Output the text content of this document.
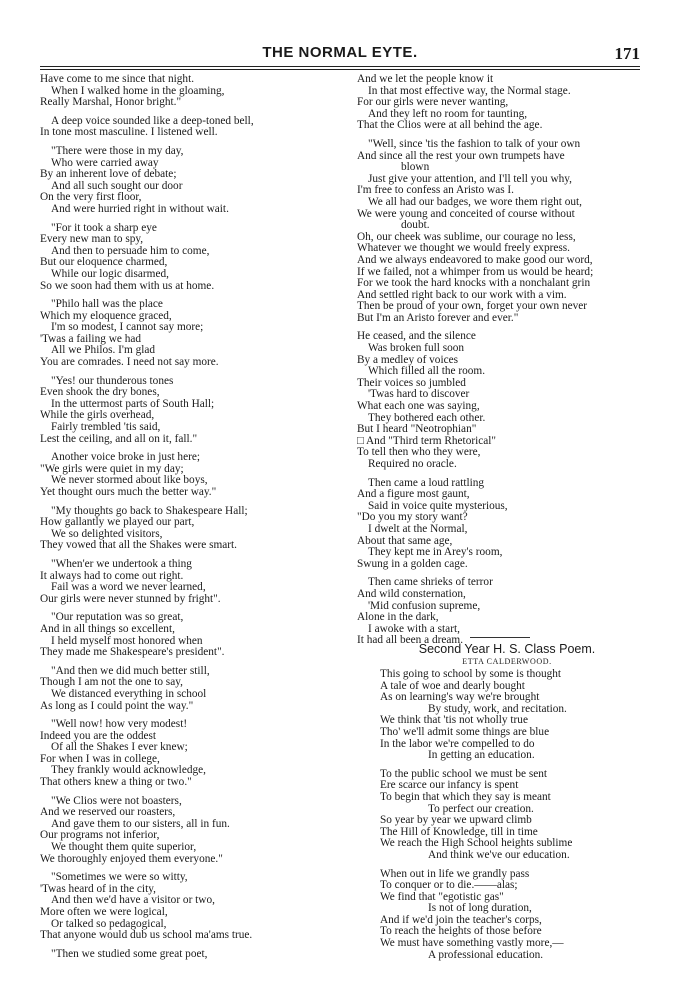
THE NORMAL EYTE.	171
Have come to me since that night.
When I walked home in the gloaming,
Really Marshal, Honor bright."
A deep voice sounded like a deep-toned bell,
In tone most masculine. I listened well.
"There were those in my day,
Who were carried away
By an inherent love of debate;
And all such sought our door
On the very first floor,
And were hurried right in without wait.
"For it took a sharp eye
Every new man to spy,
And then to persuade him to come,
But our eloquence charmed,
While our logic disarmed,
So we soon had them with us at home.
"Philo hall was the place
Which my eloquence graced,
I'm so modest, I cannot say more;
'Twas a failing we had
All we Philos. I'm glad
You are comrades. I need not say more.
"Yes! our thunderous tones
Even shook the dry bones,
In the uttermost parts of South Hall;
While the girls overhead,
Fairly trembled 'tis said,
Lest the ceiling, and all on it, fall."
Another voice broke in just here;
"We girls were quiet in my day;
We never stormed about like boys,
Yet thought ours much the better way."
"My thoughts go back to Shakespeare Hall;
How gallantly we played our part,
We so delighted visitors,
They vowed that all the Shakes were smart.
"When'er we undertook a thing
It always had to come out right.
Fail was a word we never learned,
Our girls were never stunned by fright".
"Our reputation was so great,
And in all things so excellent,
I held myself most honored when
They made me Shakespeare's president".
"And then we did much better still,
Though I am not the one to say,
We distanced everything in school
As long as I could point the way."
"Well now! how very modest!
Indeed you are the oddest
Of all the Shakes I ever knew;
For when I was in college,
They frankly would acknowledge,
That others knew a thing or two."
"We Clios were not boasters,
And we reserved our roasters,
And gave them to our sisters, all in fun.
Our programs not inferior,
We thought them quite superior,
We thoroughly enjoyed them everyone."
"Sometimes we were so witty,
'Twas heard of in the city,
And then we'd have a visitor or two,
More often we were logical,
Or talked so pedagogical,
That anyone would dub us school ma'ams true.
"Then we studied some great poet,
And we let the people know it
In that most effective way, the Normal stage.
For our girls were never wanting,
And they left no room for taunting,
That the Clios were at all behind the age.
"Well, since 'tis the fashion to talk of your own
And since all the rest your own trumpets have
blown
Just give your attention, and I'll tell you why,
I'm free to confess an Aristo was I.
We all had our badges, we wore them right out,
We were young and conceited of course without
doubt.
Oh, our cheek was sublime, our courage no less,
Whatever we thought we would freely express.
And we always endeavored to make good our word,
If we failed, not a whimper from us would be heard;
For we took the hard knocks with a nonchalant grin
And settled right back to our work with a vim.
Then be proud of your own, forget your own never
But I'm an Aristo forever and ever."
He ceased, and the silence
Was broken full soon
By a medley of voices
Which filled all the room.
Their voices so jumbled
'Twas hard to discover
What each one was saying,
They bothered each other.
But I heard "Neotrophian"
□ And "Third term Rhetorical"
To tell then who they were,
Required no oracle.
Then came a loud rattling
And a figure most gaunt,
Said in voice quite mysterious,
"Do you my story want?
I dwelt at the Normal,
About that same age,
They kept me in Arey's room,
Swung in a golden cage.
Then came shrieks of terror
And wild consternation,
'Mid confusion supreme,
Alone in the dark,
I awoke with a start,
It had all been a dream.
Second Year H. S. Class Poem.
ETTA CALDERWOOD.
This going to school by some is thought
A tale of woe and dearly bought
As on learning's way we're brought
By study, work, and recitation.
We think that 'tis not wholly true
Tho' we'll admit some things are blue
In the labor we're compelled to do
In getting an education.
To the public school we must be sent
Ere scarce our infancy is spent
To begin that which they say is meant
To perfect our creation.
So year by year we upward climb
The Hill of Knowledge, till in time
We reach the High School heights sublime
And think we've our education.
When out in life we grandly pass
To conquer or to die.——alas;
We find that "egotistic gas"
Is not of long duration,
And if we'd join the teacher's corps,
To reach the heights of those before
We must have something vastly more,—
A professional education.
